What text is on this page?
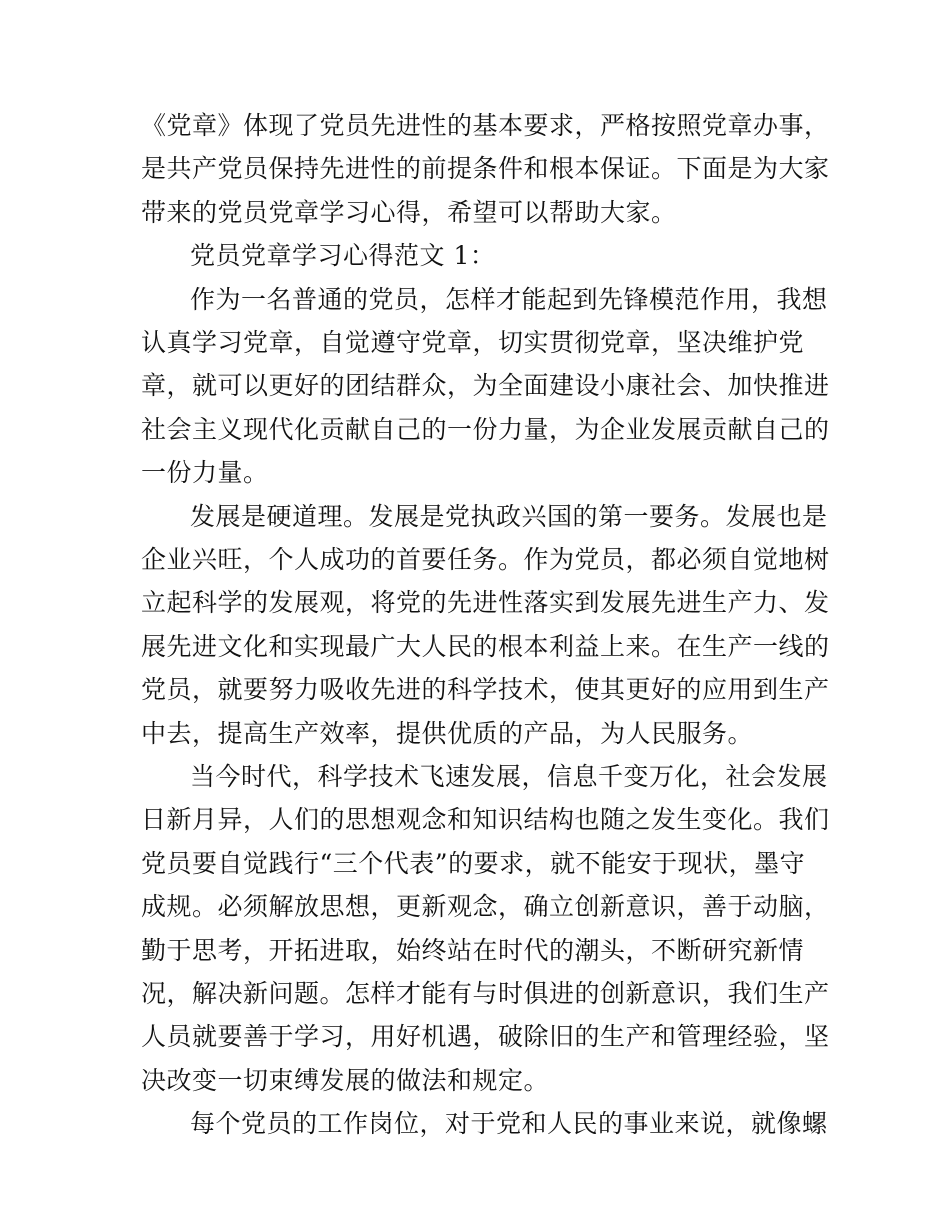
《党章》体现了党员先进性的基本要求，严格按照党章办事，
是共产党员保持先进性的前提条件和根本保证。下面是为大家
带来的党员党章学习心得，希望可以帮助大家。
党员党章学习心得范文 1：
作为一名普通的党员，怎样才能起到先锋模范作用，我想
认真学习党章，自觉遵守党章，切实贯彻党章，坚决维护党
章，就可以更好的团结群众，为全面建设小康社会、加快推进
社会主义现代化贡献自己的一份力量，为企业发展贡献自己的
一份力量。
发展是硬道理。发展是党执政兴国的第一要务。发展也是
企业兴旺，个人成功的首要任务。作为党员，都必须自觉地树
立起科学的发展观，将党的先进性落实到发展先进生产力、发
展先进文化和实现最广大人民的根本利益上来。在生产一线的
党员，就要努力吸收先进的科学技术，使其更好的应用到生产
中去，提高生产效率，提供优质的产品，为人民服务。
当今时代，科学技术飞速发展，信息千变万化，社会发展
日新月异，人们的思想观念和知识结构也随之发生变化。我们
党员要自觉践行“三个代表”的要求，就不能安于现状，墨守
成规。必须解放思想，更新观念，确立创新意识，善于动脑，
勤于思考，开拓进取，始终站在时代的潮头，不断研究新情
况，解决新问题。怎样才能有与时俱进的创新意识，我们生产
人员就要善于学习，用好机遇，破除旧的生产和管理经验，坚
决改变一切束缚发展的做法和规定。
每个党员的工作岗位，对于党和人民的事业来说，就像螺
